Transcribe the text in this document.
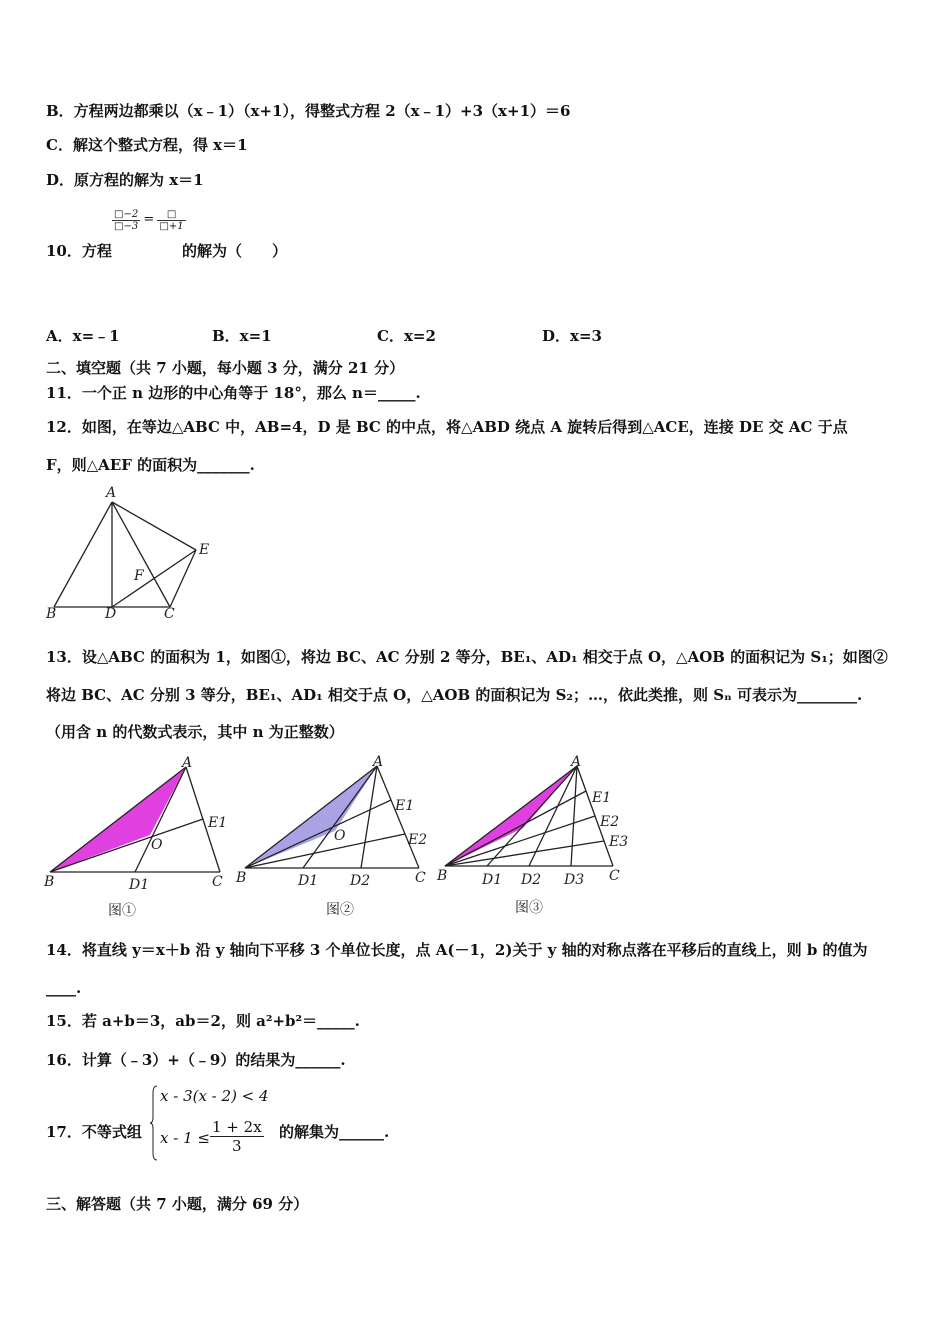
B．方程两边都乘以（x﹣1）（x+1），得整式方程 2（x﹣1）+3（x+1）＝6
C．解这个整式方程，得 x＝1
D．原方程的解为 x＝1
$\frac{□-2}{□-3} = \frac{□}{□+1}$
10．方程	的解为（　　）
A．x=﹣1	B．x=1	C．x=2	D．x=3
二、填空题（共 7 小题，每小题 3 分，满分 21 分）
11．一个正 n 边形的中心角等于 18°，那么 n＝_____.
12．如图，在等边△ABC 中，AB=4，D 是 BC 的中点，将△ABD 绕点 A 旋转后得到△ACE，连接 DE 交 AC 于点
F，则△AEF 的面积为_______.
A
E
F
B	D	C
13．设△ABC 的面积为 1，如图①，将边 BC、AC 分别 2 等分，BE₁、AD₁ 相交于点 O，△AOB 的面积记为 S₁；如图②
将边 BC、AC 分别 3 等分，BE₁、AD₁ 相交于点 O，△AOB 的面积记为 S₂；…，依此类推，则 Sₙ 可表示为________.
（用含 n 的代数式表示，其中 n 为正整数）
A
E1
O
B	D1	C
图①
A
E1
E2
O
B	D1 D2	C
图②
A
E1
E2
E3
B D1 D2 D3 C
图③
14．将直线 y＝x＋b 沿 y 轴向下平移 3 个单位长度，点 A(－1，2)关于 y 轴的对称点落在平移后的直线上，则 b 的值为
____.
15．若 a+b＝3，ab＝2，则 a²+b²＝_____.
16．计算（﹣3）+（﹣9）的结果为______.
17．不等式组
x - 3(x - 2) < 4
$x - 1 \le \frac{1 + 2x}{3}$ 的解集为______.
三、解答题（共 7 小题，满分 69 分）
